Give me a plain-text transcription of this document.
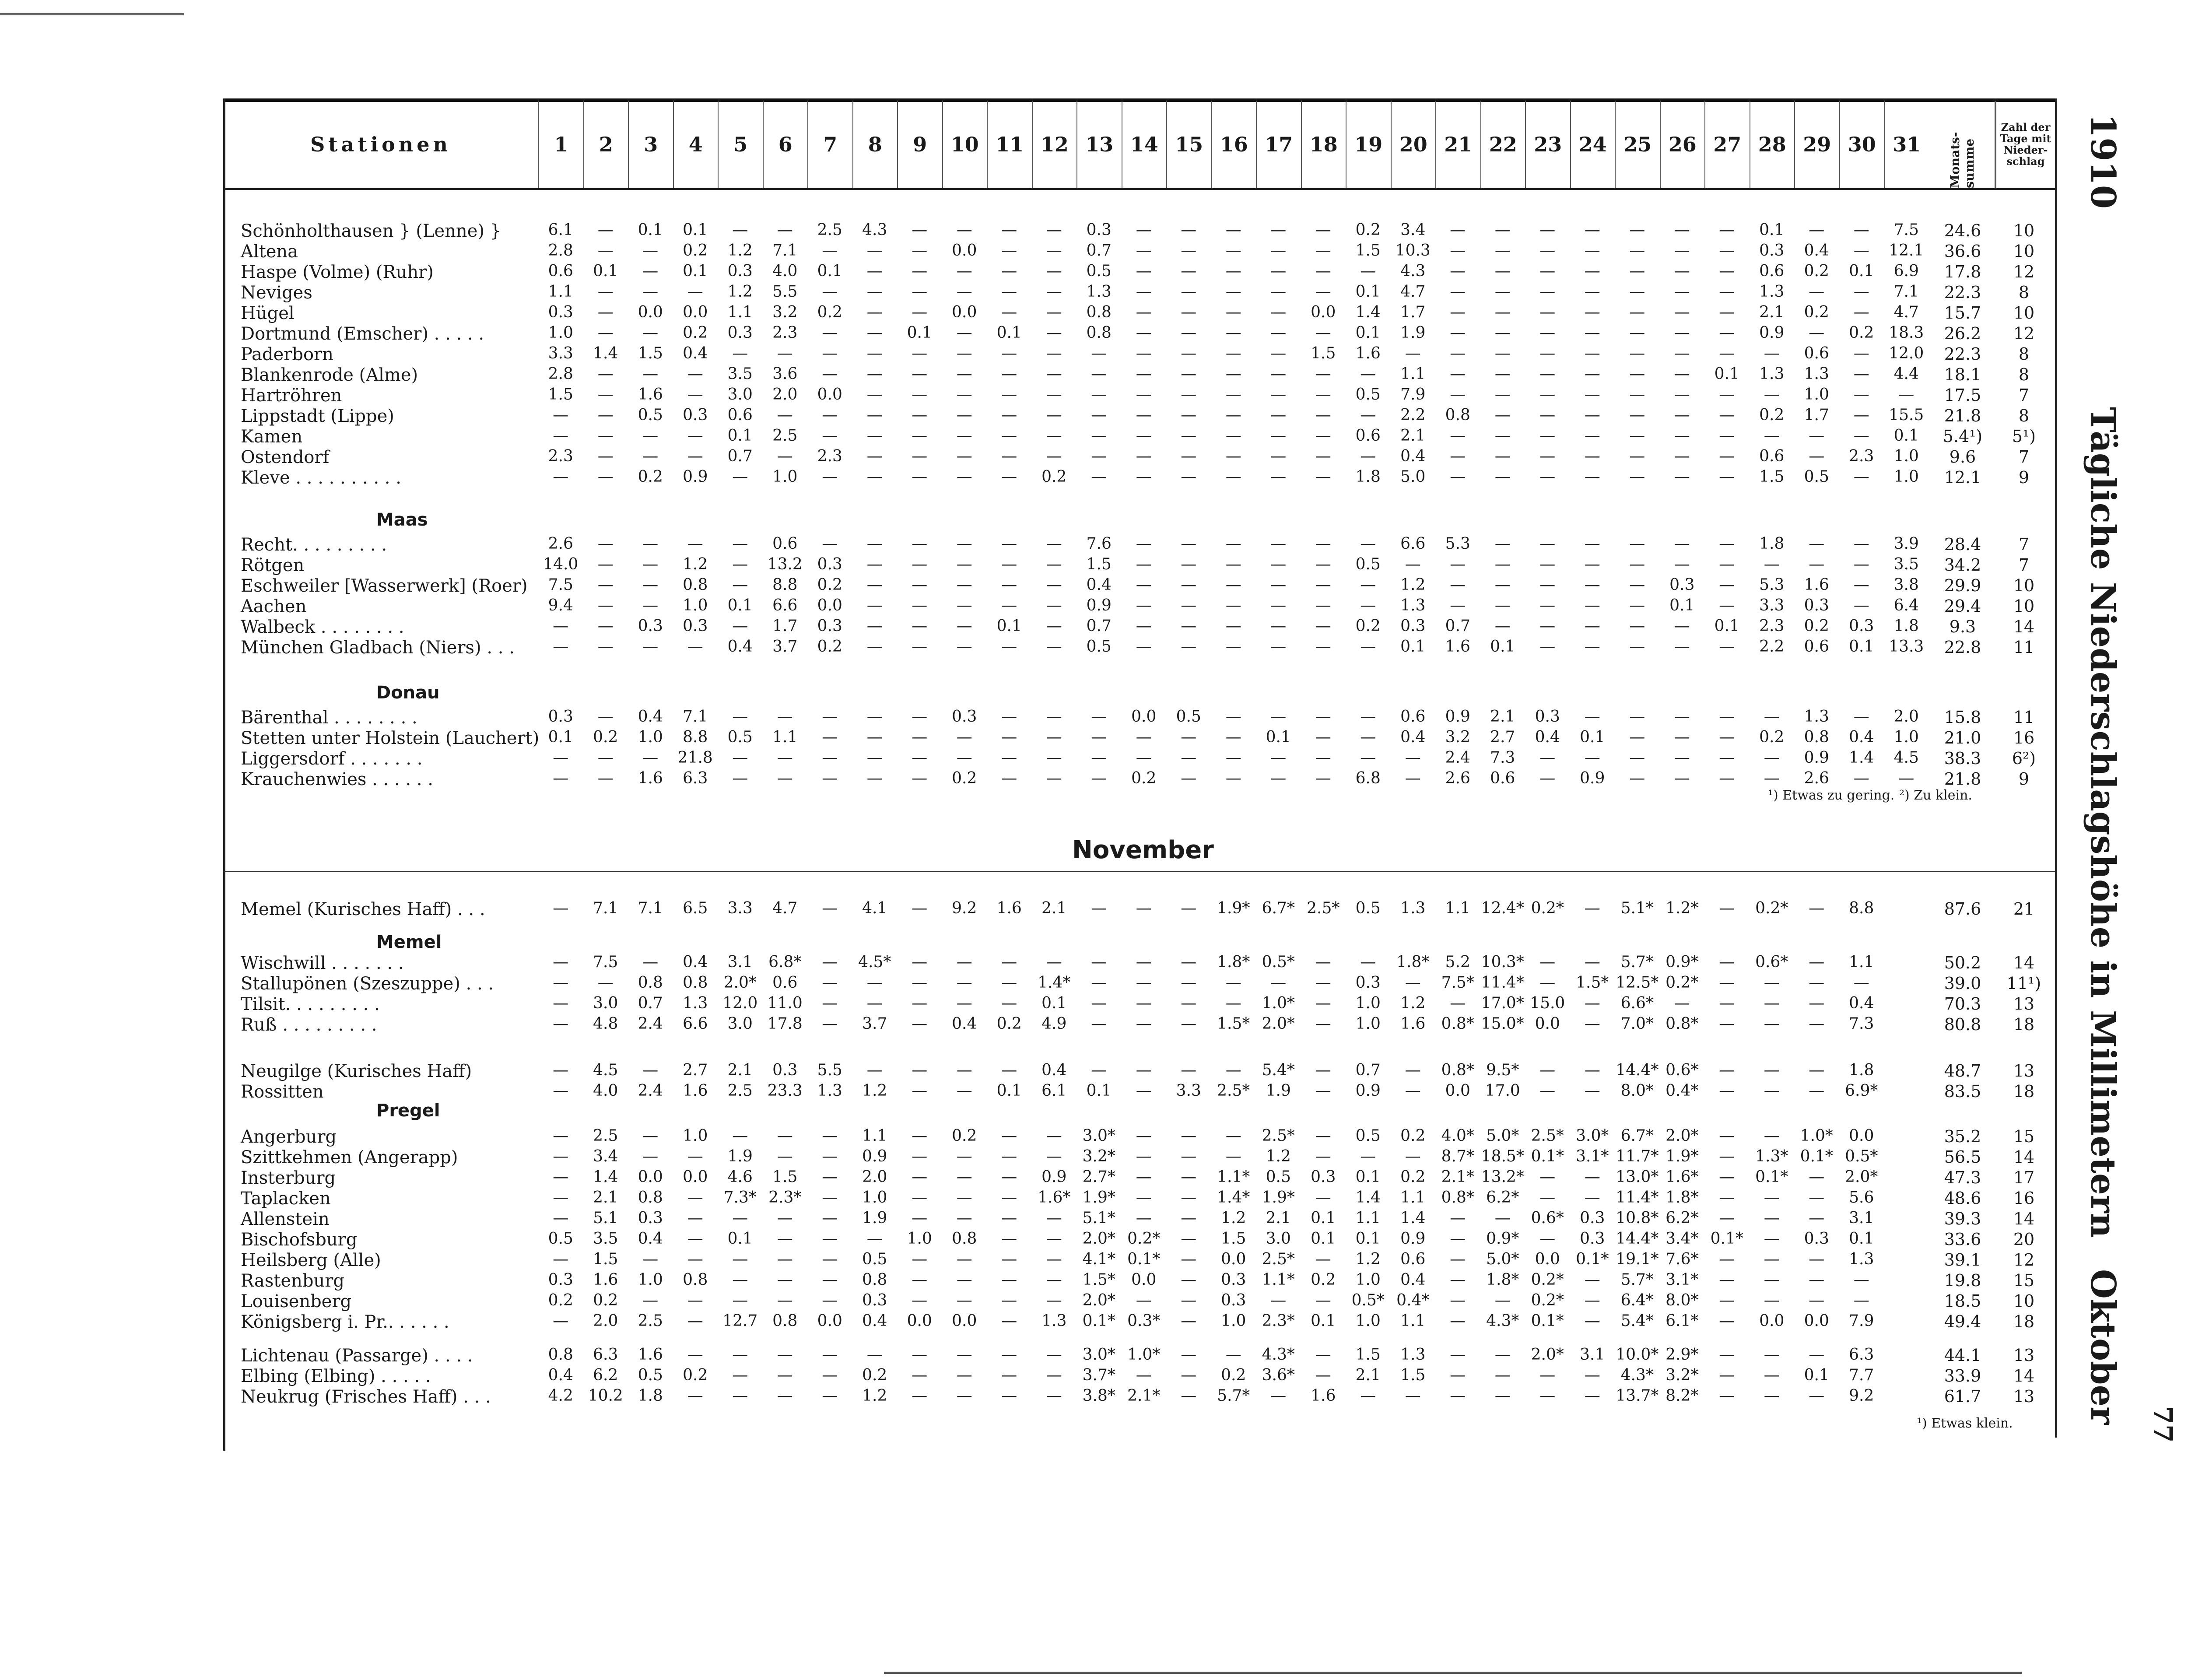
Stationen	1	2	3	4	5	6	7	8	9	10 11 12 13 14 15 16 17 18 19 20 21 22 23 24 25 26 27 28 29 30 31	Monats-summe
Zahl der Tage mit Nieder-schlag
Schönholthausen } (Lenne) }	6.1	—	0.1	0.1	—	—	2.5	4.3	—	—	—	—	0.3	—	—	—	—	—	0.2	3.4	—	—	—	—	—	—	—	0.1	—	—	7.5	24.6	10
Altena	2.8	—	—	0.2	1.2	7.1	—	—	—	0.0	—	—	0.7	—	—	—	—	—	1.5 10.3	—	—	—	—	—	—	—	0.3	0.4	—	12.1	36.6	10
Haspe (Volme) (Ruhr)	0.6	0.1	—	0.1	0.3	4.0	0.1	—	—	—	—	—	0.5	—	—	—	—	—	—	4.3	—	—	—	—	—	—	—	0.6	0.2	0.1	6.9	17.8	12
Neviges	1.1	—	—	—	1.2	5.5	—	—	—	—	—	—	1.3	—	—	—	—	—	0.1	4.7	—	—	—	—	—	—	—	1.3	—	—	7.1	22.3	8
Hügel	0.3	—	0.0	0.0	1.1	3.2	0.2	—	—	0.0	—	—	0.8	—	—	—	—	0.0	1.4	1.7	—	—	—	—	—	—	—	2.1	0.2	—	4.7	15.7	10
Dortmund (Emscher) . . . . .	1.0	—	—	0.2	0.3	2.3	—	—	0.1	—	0.1	—	0.8	—	—	—	—	—	0.1	1.9	—	—	—	—	—	—	—	0.9	—	0.2 18.3	26.2	12
Paderborn	3.3	1.4	1.5	0.4	—	—	—	—	—	—	—	—	—	—	—	—	—	1.5	1.6	—	—	—	—	—	—	—	—	—	0.6	—	12.0	22.3	8
Blankenrode (Alme)	2.8	—	—	—	3.5	3.6	—	—	—	—	—	—	—	—	—	—	—	—	—	1.1	—	—	—	—	—	—	0.1	1.3	1.3	—	4.4	18.1	8
Hartröhren	1.5	—	1.6	—	3.0	2.0	0.0	—	—	—	—	—	—	—	—	—	—	—	0.5	7.9	—	—	—	—	—	—	—	—	1.0	—	—	17.5	7
Lippstadt (Lippe)	—	—	0.5	0.3	0.6	—	—	—	—	—	—	—	—	—	—	—	—	—	—	2.2	0.8	—	—	—	—	—	—	0.2	1.7	—	15.5	21.8	8
Kamen	—	—	—	—	0.1	2.5	—	—	—	—	—	—	—	—	—	—	—	—	0.6	2.1	—	—	—	—	—	—	—	—	—	—	0.1	5.4¹)	5¹)
Ostendorf	2.3	—	—	—	0.7	—	2.3	—	—	—	—	—	—	—	—	—	—	—	—	0.4	—	—	—	—	—	—	—	0.6	—	2.3	1.0	9.6	7
Kleve . . . . . . . . . .	—	—	0.2	0.9	—	1.0	—	—	—	—	—	0.2	—	—	—	—	—	—	1.8	5.0	—	—	—	—	—	—	—	1.5	0.5	—	1.0	12.1	9
Maas
Recht. . . . . . . . .	2.6	—	—	—	—	0.6	—	—	—	—	—	—	7.6	—	—	—	—	—	—	6.6	5.3	—	—	—	—	—	—	1.8	—	—	3.9	28.4	7
Rötgen	14.0	—	—	1.2	—	13.2 0.3	—	—	—	—	—	1.5	—	—	—	—	—	0.5	—	—	—	—	—	—	—	—	—	—	—	3.5	34.2	7
Eschweiler [Wasserwerk] (Roer)	7.5	—	—	0.8	—	8.8	0.2	—	—	—	—	—	0.4	—	—	—	—	—	—	1.2	—	—	—	—	—	0.3	—	5.3	1.6	—	3.8	29.9	10
Aachen	9.4	—	—	1.0	0.1	6.6	0.0	—	—	—	—	—	0.9	—	—	—	—	—	—	1.3	—	—	—	—	—	0.1	—	3.3	0.3	—	6.4	29.4	10
Walbeck . . . . . . . .	—	—	0.3	0.3	—	1.7	0.3	—	—	—	0.1	—	0.7	—	—	—	—	—	0.2	0.3	0.7	—	—	—	—	—	0.1	2.3	0.2	0.3	1.8	9.3	14
München Gladbach (Niers) . . .	—	—	—	—	0.4	3.7	0.2	—	—	—	—	—	0.5	—	—	—	—	—	—	0.1	1.6	0.1	—	—	—	—	—	2.2	0.6	0.1 13.3	22.8	11
Donau
Bärenthal . . . . . . . .	0.3	—	0.4	7.1	—	—	—	—	—	0.3	—	—	—	0.0	0.5	—	—	—	—	0.6	0.9	2.1	0.3	—	—	—	—	—	1.3	—	2.0	15.8	11
Stetten unter Holstein (Lauchert) 0.1	0.2	1.0	8.8	0.5	1.1	—	—	—	—	—	—	—	—	—	—	0.1	—	—	0.4	3.2	2.7	0.4	0.1	—	—	—	0.2	0.8	0.4	1.0	21.0	16
Liggersdorf . . . . . . .	—	—	—	21.8	—	—	—	—	—	—	—	—	—	—	—	—	—	—	—	—	2.4	7.3	—	—	—	—	—	—	0.9	1.4	4.5	38.3	6²)
Krauchenwies . . . . . .	—	—	1.6	6.3	—	—	—	—	—	0.2	—	—	—	0.2	—	—	—	—	6.8	—	2.6	0.6	—	0.9	—	—	—	—	2.6	—	—	21.8	9
¹) Etwas zu gering. ²) Zu klein.
Memel (Kurisches Haff) . . .	—	7.1	7.1	6.5	3.3	4.7	—	4.1	—	9.2	1.6	2.1	—	—	—	1.9* 6.7* 2.5*	0.5	1.3	1.1 12.4* 0.2*	—	5.1* 1.2*	—	0.2*	—	8.8	87.6	21
Memel
Wischwill . . . . . . .	—	7.5	—	0.4	3.1	6.8*	—	4.5*	—	—	—	—	—	—	—	1.8* 0.5*	—	—	1.8*	5.2 10.3* —	—	5.7* 0.9*	—	0.6*	—	1.1	50.2	14
Stallupönen (Szeszuppe) . . .	—	—	0.8	0.8	2.0*	0.6	—	—	—	—	—	1.4*	—	—	—	—	—	—	0.3	—	7.5* 11.4* —	1.5* 12.5* 0.2*	—	—	—	—	39.0	11¹)
Tilsit. . . . . . . . .	—	3.0	0.7	1.3 12.0 11.0	—	—	—	—	—	0.1	—	—	—	—	1.0*	—	1.0	1.2	— 17.0* 15.0	—	6.6*	—	—	—	—	0.4	70.3	13
Ruß . . . . . . . . .	—	4.8	2.4	6.6	3.0 17.8	—	3.7	—	0.4	0.2	4.9	—	—	—	1.5* 2.0*	—	1.0	1.6	0.8* 15.0* 0.0	—	7.0* 0.8*	—	—	—	7.3	80.8	18
Neugilge (Kurisches Haff)	—	4.5	—	2.7	2.1	0.3	5.5	—	—	—	—	0.4	—	—	—	—	5.4*	—	0.7	—	0.8* 9.5*	—	— 14.4* 0.6*	—	—	—	1.8	48.7	13
Rossitten	—	4.0	2.4	1.6	2.5 23.3 1.3	1.2	—	—	0.1	6.1	0.1	—	3.3	2.5*	1.9	—	0.9	—	0.0 17.0	—	—	8.0* 0.4*	—	—	—	6.9*	83.5	18
Pregel
Angerburg	—	2.5	—	1.0	—	—	—	1.1	—	0.2	—	—	3.0*	—	—	—	2.5*	—	0.5	0.2	4.0* 5.0* 2.5* 3.0* 6.7* 2.0*	—	—	1.0*	0.0	35.2	15
Szittkehmen (Angerapp)	—	3.4	—	—	1.9	—	—	0.9	—	—	—	—	3.2*	—	—	—	1.2	—	—	—	8.7* 18.5* 0.1* 3.1* 11.7* 1.9*	—	1.3* 0.1* 0.5*	56.5	14
Insterburg	—	1.4	0.0	0.0	4.6	1.5	—	2.0	—	—	—	0.9	2.7*	—	—	1.1*	0.5	0.3	0.1	0.2	2.1* 13.2* —	— 13.0* 1.6*	—	0.1*	—	2.0*	47.3	17
Taplacken	—	2.1	0.8	—	7.3* 2.3*	—	1.0	—	—	—	1.6* 1.9*	—	—	1.4* 1.9*	—	1.4	1.1	0.8* 6.2*	—	— 11.4* 1.8*	—	—	—	5.6	48.6	16
Allenstein	—	5.1	0.3	—	—	—	—	1.9	—	—	—	—	5.1*	—	—	1.2	2.1	0.1	1.1	1.4	—	—	0.6*	0.3 10.8* 6.2*	—	—	—	3.1	39.3	14
Bischofsburg	0.5	3.5	0.4	—	0.1	—	—	—	1.0	0.8	—	—	2.0* 0.2*	—	1.5	3.0	0.1	0.1	0.9	—	0.9*	—	0.3 14.4* 3.4* 0.1*	—	0.3	0.1	33.6	20
Heilsberg (Alle)	—	1.5	—	—	—	—	—	0.5	—	—	—	—	4.1* 0.1*	—	0.0	2.5*	—	1.2	0.6	—	5.0*	0.0	0.1* 19.1* 7.6*	—	—	—	1.3	39.1	12
Rastenburg	0.3	1.6	1.0	0.8	—	—	—	0.8	—	—	—	—	1.5*	0.0	—	0.3	1.1*	0.2	1.0	0.4	—	1.8* 0.2*	—	5.7* 3.1*	—	—	—	—	19.8	15
Louisenberg	0.2	0.2	—	—	—	—	—	0.3	—	—	—	—	2.0*	—	—	0.3	—	—	0.5* 0.4*	—	—	0.2*	—	6.4* 8.0*	—	—	—	—	18.5	10
Königsberg i. Pr.. . . . . .	—	2.0	2.5	—	12.7 0.8	0.0	0.4	0.0	0.0	—	1.3	0.1* 0.3*	—	1.0	2.3*	0.1	1.0	1.1	—	4.3* 0.1*	—	5.4* 6.1*	—	0.0	0.0	7.9	49.4	18
Lichtenau (Passarge) . . . .	0.8	6.3	1.6	—	—	—	—	—	—	—	—	—	3.0* 1.0*	—	—	4.3*	—	1.5	1.3	—	—	2.0*	3.1 10.0* 2.9*	—	—	—	6.3	44.1	13
Elbing (Elbing) . . . . .	0.4	6.2	0.5	0.2	—	—	—	0.2	—	—	—	—	3.7*	—	—	0.2	3.6*	—	2.1	1.5	—	—	—	—	4.3* 3.2*	—	—	0.1	7.7	33.9	14
Neukrug (Frisches Haff) . . .	4.2 10.2 1.8	—	—	—	—	1.2	—	—	—	—	3.8* 2.1*	—	5.7*	—	1.6	—	—	—	—	—	— 13.7* 8.2*	—	—	—	9.2	61.7	13
¹) Etwas klein.
November
1910
Tägliche Niederschlagshöhe in Millimetern
Oktober 77
